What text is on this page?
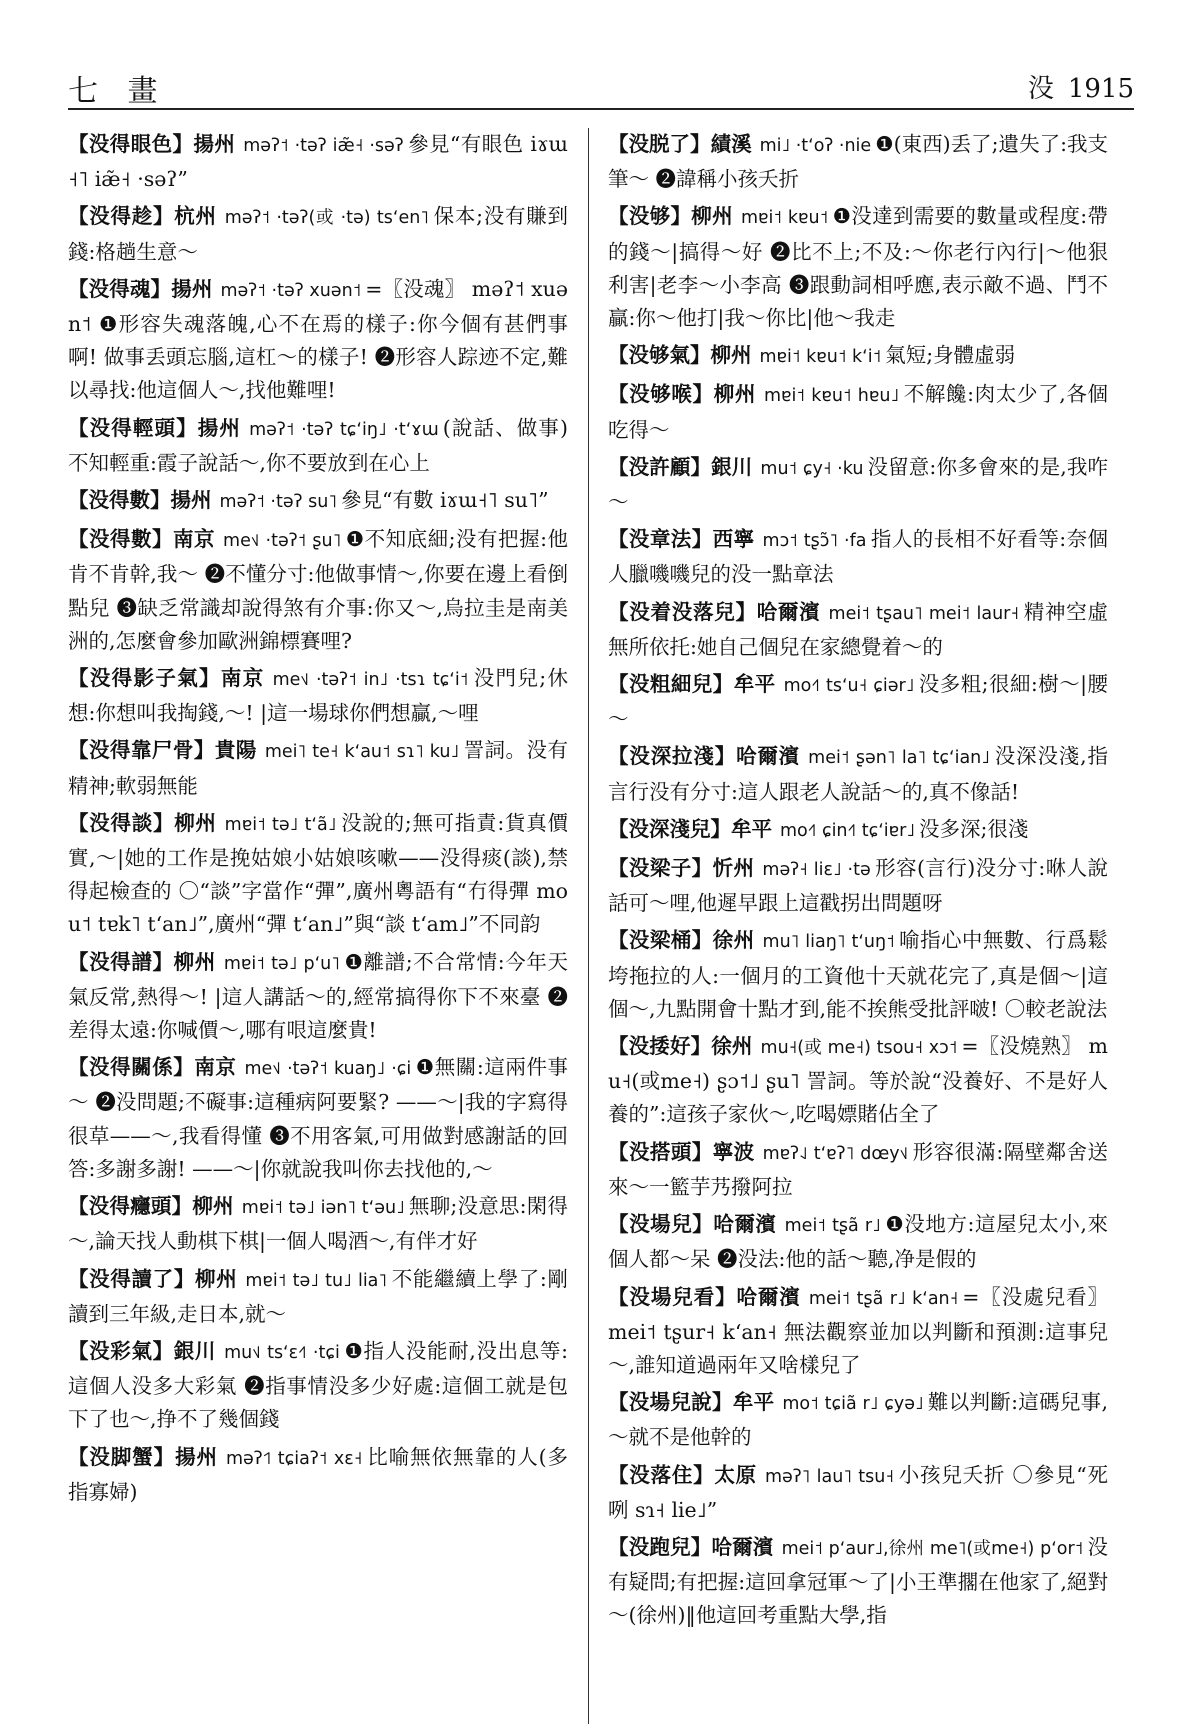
七 畫	没 1915

【没得眼色】揚州 məʔ˦ ·təʔ iæ̃˧ ·səʔ 參見“有眼色 iɤɯ˧˥ iæ̃˧ ·səʔ”

【没得趁】杭州 məʔ˦ ·təʔ(或 ·tə) tsʻen˥ 保本;没有賺到錢:格趟生意～

【没得魂】揚州 məʔ˦ ·təʔ xuən˦ =〖没魂〗 məʔ˦ xuən˦ ❶形容失魂落魄,心不在焉的樣子:你今個有甚們事啊! 做事丢頭忘腦,這杠～的樣子! ❷形容人踪迹不定,難以尋找:他這個人～,找他難哩!

【没得輕頭】揚州 məʔ˦ ·təʔ tɕʻiŋ˩ ·tʻɤɯ (說話、做事)不知輕重:霞子說話～,你不要放到在心上

【没得數】揚州 məʔ˦ ·təʔ su˥ 參見“有數 iɤɯ˧˥ su˥”

【没得數】南京 me˦˩ ·təʔ˦ ʂu˥ ❶不知底細;没有把握:他肯不肯幹,我～ ❷不懂分寸:他做事情～,你要在邊上看倒點兒 ❸缺乏常識却說得煞有介事:你又～,烏拉圭是南美洲的,怎麼會參加歐洲錦標賽哩?

【没得影子氣】南京 me˦˩ ·təʔ˦ in˩ ·tsɿ tɕʻi˦ 没門兒;休想:你想叫我掏錢,～! |這一場球你們想贏,～哩

【没得靠尸骨】貴陽 mei˥ te˧ kʻau˦ sɿ˥ ku˩ 詈詞。没有精神;軟弱無能

【没得談】柳州 mɐi˦ tə˩ tʻã˩ 没說的;無可指責:貨真價實,～|她的工作是挽姑娘小姑娘咳嗽——没得痰(談),禁得起檢查的 〇“談”字當作“彈”,廣州粵語有“冇得彈 mou˦ tɐk˥ tʻan˩”,廣州“彈 tʻan˩”與“談 tʻam˩”不同韵

【没得譜】柳州 mɐi˦ tə˩ pʻu˥ ❶離譜;不合常情:今年天氣反常,熱得～! |這人講話～的,經常搞得你下不來臺 ❷差得太遠:你喊價～,哪有哏這麼貴!

【没得關係】南京 me˦˩ ·təʔ˦ kuaŋ˩ ·ɕi ❶無關:這兩件事～ ❷没問題;不礙事:這種病阿要緊? ——～|我的字寫得很草——～,我看得懂 ❸不用客氣,可用做對感謝話的回答:多謝多謝! ——～|你就說我叫你去找他的,～

【没得癮頭】柳州 mɐi˦ tə˩ iən˥ tʻəu˩ 無聊;没意思:閑得～,論天找人動棋下棋|一個人喝酒～,有伴才好

【没得讀了】柳州 mɐi˦ tə˩ tu˩ lia˥ 不能繼續上學了:剛讀到三年級,走日本,就～

【没彩氣】銀川 mu˦˩ tsʻɛ˧˥ ·tɕi ❶指人没能耐,没出息等:這個人没多大彩氣 ❷指事情没多少好處:這個工就是包下了也～,挣不了幾個錢

【没脚蟹】揚州 məʔ˦˥ tɕiaʔ˦ xɛ˧ 比喻無依無靠的人(多指寡婦)

【没脱了】績溪 mi˩ ·tʻoʔ ·nie ❶(東西)丢了;遺失了:我支筆～ ❷諱稱小孩夭折

【没够】柳州 mɐi˦ kɐu˦ ❶没達到需要的數量或程度:帶的錢～|搞得～好 ❷比不上;不及:～你老行內行|～他狠利害|老李～小李高 ❸跟動詞相呼應,表示敵不過、鬥不贏:你～他打|我～你比|他～我走

【没够氣】柳州 mɐi˦ kɐu˦ kʻi˦ 氣短;身體虛弱

【没够喉】柳州 mɐi˦ kɐu˦ hɐu˩ 不解饞:肉太少了,各個吃得～

【没許顧】銀川 mu˦ ɕy˧ ·ku 没留意:你多會來的是,我咋～

【没章法】西寧 mɔ˦ tʂɔ̃˥ ·fa 指人的長相不好看等:奈個人臘嘰嘰兒的没一點章法

【没着没落兒】哈爾濱 mei˦ tʂau˥ mei˦ laur˧ 精神空虛無所依托:她自己個兒在家總覺着～的

【没粗細兒】牟平 mo˧˥ tsʻu˧ ɕiər˩ 没多粗;很細:樹～|腰～

【没深拉淺】哈爾濱 mei˦ ʂən˥ la˥ tɕʻian˩ 没深没淺,指言行没有分寸:這人跟老人說話～的,真不像話!

【没深淺兒】牟平 mo˧˥ ɕin˧˥ tɕʻiɐr˩ 没多深;很淺

【没梁子】忻州 məʔ˧ liɛ˩ ·tə 形容(言行)没分寸:咻人說話可～哩,他遲早跟上這戳拐出問題呀

【没梁桶】徐州 mu˥ liaŋ˥ tʻuŋ˦ 喻指心中無數、行爲鬆垮拖拉的人:一個月的工資他十天就花完了,真是個～|這個～,九點開會十點才到,能不挨熊受批評啵! 〇較老說法

【没捼好】徐州 mu˧(或 me˧) tsou˧ xɔ˦ =〖没燒熟〗 mu˧(或me˧) ʂɔ˦˩ ʂu˥ 詈詞。等於說“没養好、不是好人養的”:這孩子家伙～,吃喝嫖賭佔全了

【没搭頭】寧波 mɐʔ˨˩ tʻɐʔ˥ dœy˦˩ 形容很滿:隔壁鄰舍送來～一籃芋艿撥阿拉

【没場兒】哈爾濱 mei˦ tʂã r˩ ❶没地方:這屋兒太小,來個人都～呆 ❷没法:他的話～聽,净是假的

【没場兒看】哈爾濱 mei˦ tʂã r˩ kʻan˧ =〖没處兒看〗 mei˦ tʂur˧ kʻan˧ 無法觀察並加以判斷和預測:這事兒～,誰知道過兩年又啥樣兒了

【没場兒說】牟平 mo˦ tɕiã r˩ ɕyə˩ 難以判斷:這碼兒事,～就不是他幹的

【没落住】太原 məʔ˥ lau˥ tsu˧ 小孩兒夭折 〇參見“死咧 sɿ˧ lie˩”

【没跑兒】哈爾濱 mei˦ pʻaur˩,徐州 me˥(或me˧) pʻor˦ 没有疑問;有把握:這回拿冠軍～了|小王準擱在他家了,絕對～(徐州)‖他這回考重點大學,指
